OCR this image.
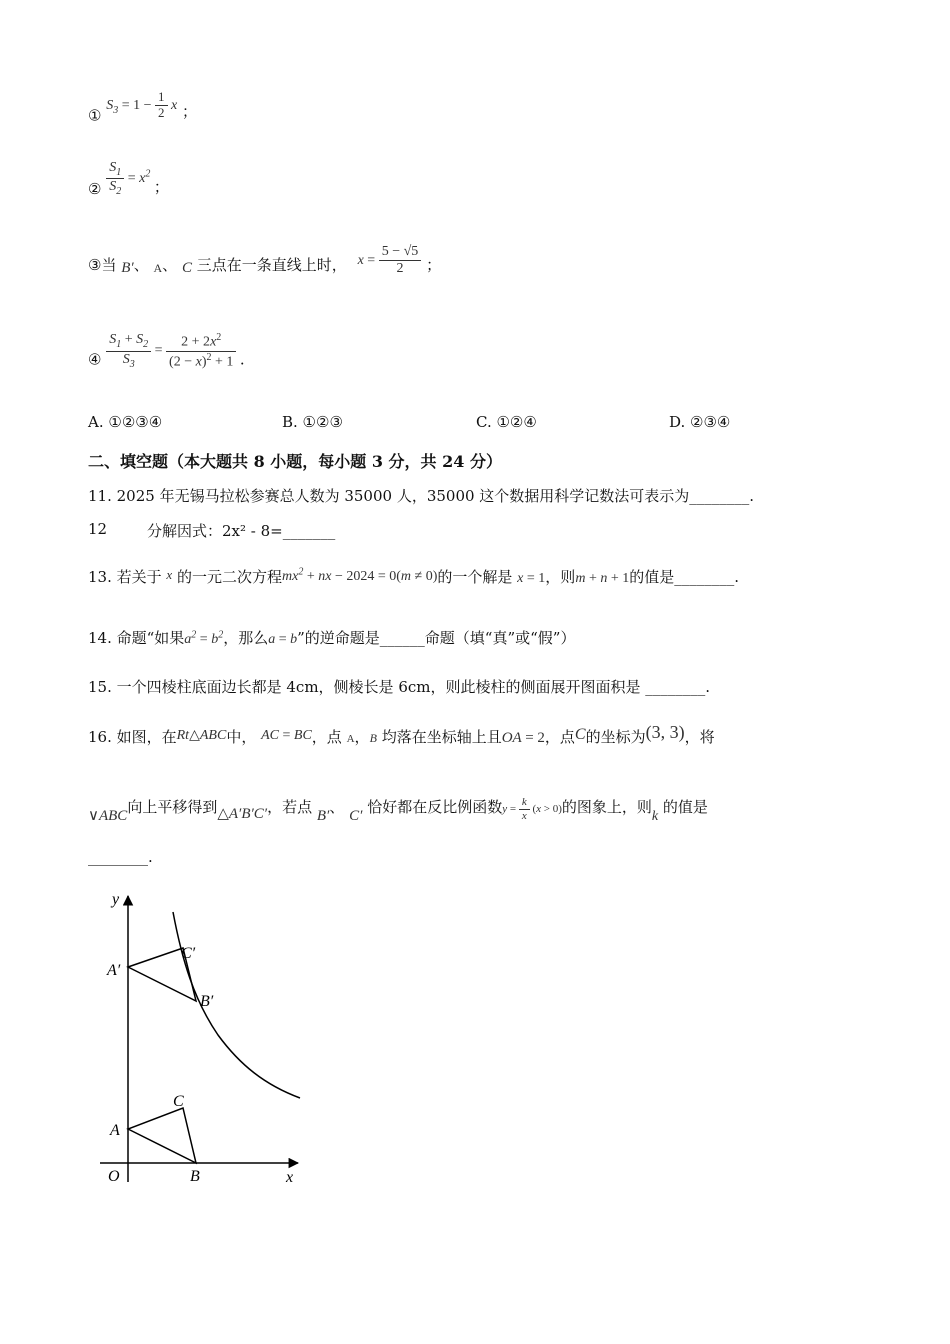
① $S_3 = 1 - \frac{1}{2}$ x ；
② $\frac{S_1}{S_2} = x^2$ ；
③当 B′、 $_A$、 C 三点在一条直线上时， $x = \frac{5 - √5}{2}$ ；
④ $\frac{S_1 + S_2}{S_3} = \frac{2 + 2x^2}{(2 - x)^2 + 1}$ .
A. ①②③④	B. ①②③	C. ①②④	D. ②③④
二、填空题（本大题共 8 小题，每小题 3 分，共 24 分）
11. 2025 年无锡马拉松参赛总人数为 35000 人，35000 这个数据用科学记数法可表示为________.
12	分解因式：2x² - 8=_______
13. 若关于 x 的一元二次方程$mx^2$ + nx − 2024 = 0(m ≠ 0)的一个解是 x = 1，则m + n + 1的值是________.
14. 命题“如果$a^2 = b^2$，那么a = b”的逆命题是______命题（填“真”或“假”）
15. 一个四棱柱底面边长都是 4cm，侧棱长是 6cm，则此棱柱的侧面展开图面积是 ________.
16. 如图，在Rt△ABC中， AC = BC，点 A，B 均落在坐标轴上且OA = 2，点C的坐标为(3, 3)，将
∨ABC向上平移得到△A′B′C′，若点 B′、 C′ 恰好都在反比例函数$y = \frac{k}{x} (x > 0)$的图象上，则k 的值是
________.
y
x
O
A
B
C
A′
B′
C′
